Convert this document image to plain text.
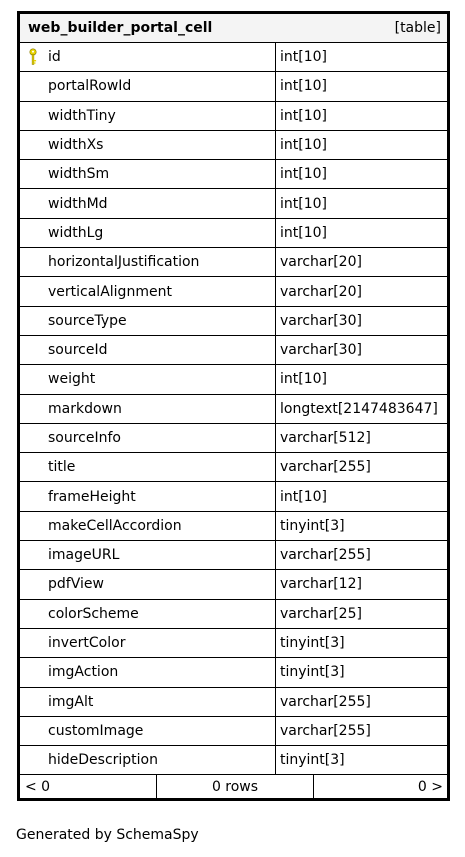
web_builder_portal_cell	[table]
id	int[10]
portalRowId	int[10]
widthTiny	int[10]
widthXs	int[10]
widthSm	int[10]
widthMd	int[10]
widthLg	int[10]
horizontalJustification	varchar[20]
verticalAlignment	varchar[20]
sourceType	varchar[30]
sourceId	varchar[30]
weight	int[10]
markdown	longtext[2147483647]
sourceInfo	varchar[512]
title	varchar[255]
frameHeight	int[10]
makeCellAccordion	tinyint[3]
imageURL	varchar[255]
pdfView	varchar[12]
colorScheme	varchar[25]
invertColor	tinyint[3]
imgAction	tinyint[3]
imgAlt	varchar[255]
customImage	varchar[255]
hideDescription	tinyint[3]
< 0	0 rows	0 >
Generated by SchemaSpy
